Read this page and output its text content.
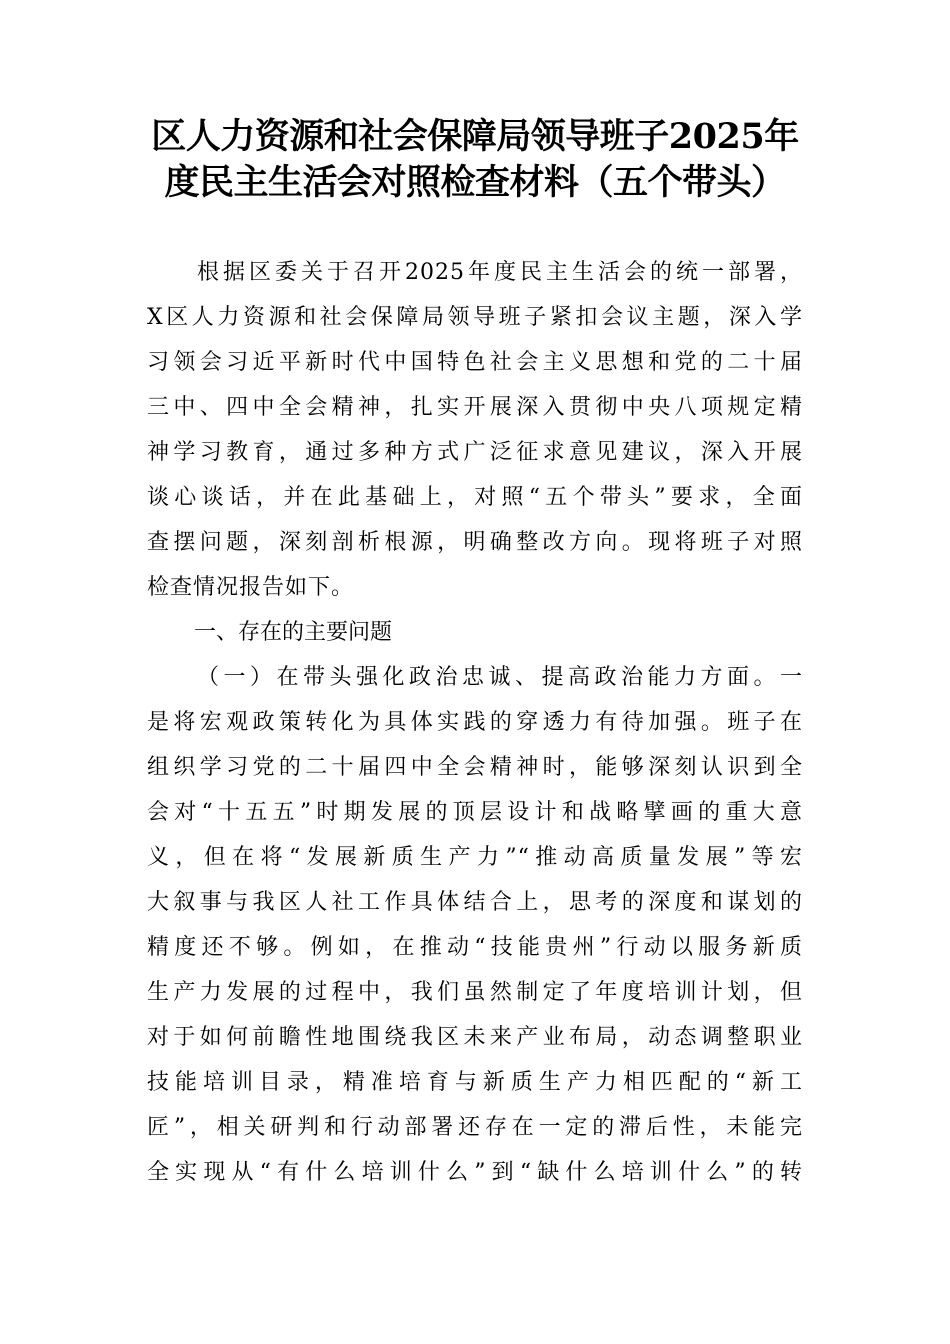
区人力资源和社会保障局领导班子2025年
度民主生活会对照检查材料（五个带头）
根据区委关于召开2025年度民主生活会的统一部署，
X区人力资源和社会保障局领导班子紧扣会议主题，深入学
习领会习近平新时代中国特色社会主义思想和党的二十届
三中、四中全会精神，扎实开展深入贯彻中央八项规定精
神学习教育，通过多种方式广泛征求意见建议，深入开展
谈心谈话，并在此基础上，对照“五个带头”要求，全面
查摆问题，深刻剖析根源，明确整改方向。现将班子对照
检查情况报告如下。
一、存在的主要问题
（一）在带头强化政治忠诚、提高政治能力方面。一
是将宏观政策转化为具体实践的穿透力有待加强。班子在
组织学习党的二十届四中全会精神时，能够深刻认识到全
会对“十五五”时期发展的顶层设计和战略擘画的重大意
义，但在将“发展新质生产力”“推动高质量发展”等宏
大叙事与我区人社工作具体结合上，思考的深度和谋划的
精度还不够。例如，在推动“技能贵州”行动以服务新质
生产力发展的过程中，我们虽然制定了年度培训计划，但
对于如何前瞻性地围绕我区未来产业布局，动态调整职业
技能培训目录，精准培育与新质生产力相匹配的“新工
匠”，相关研判和行动部署还存在一定的滞后性，未能完
全实现从“有什么培训什么”到“缺什么培训什么”的转
